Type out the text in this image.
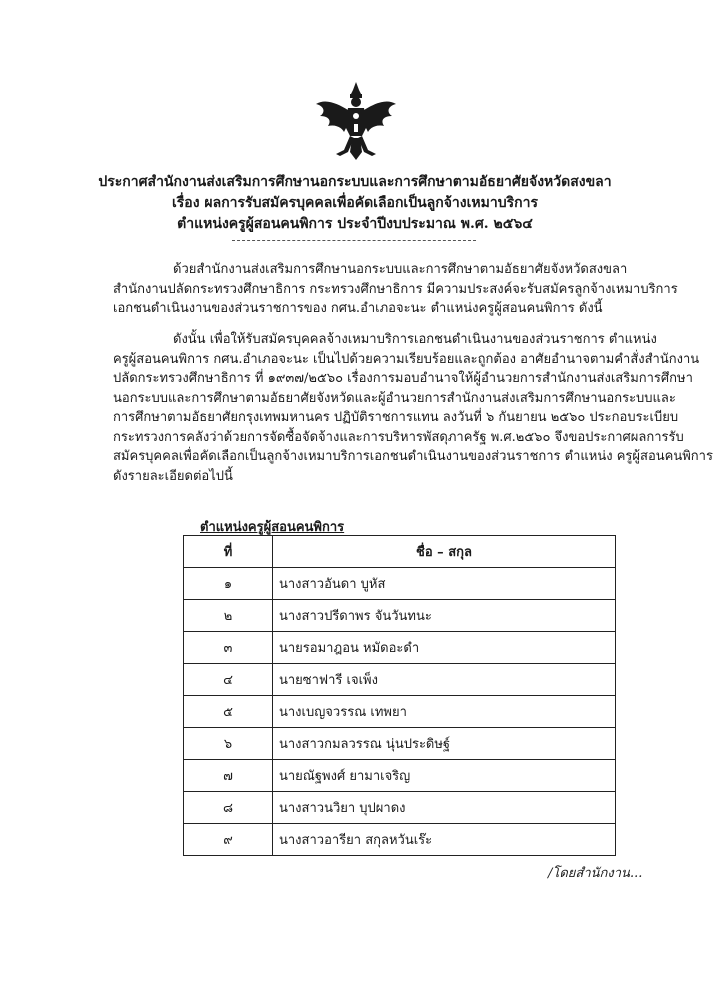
ประกาศสำนักงานส่งเสริมการศึกษานอกระบบและการศึกษาตามอัธยาศัยจังหวัดสงขลา
เรื่อง ผลการรับสมัครบุคคลเพื่อคัดเลือกเป็นลูกจ้างเหมาบริการ
ตำแหน่งครูผู้สอนคนพิการ ประจำปีงบประมาณ พ.ศ. ๒๕๖๔
ด้วยสำนักงานส่งเสริมการศึกษานอกระบบและการศึกษาตามอัธยาศัยจังหวัดสงขลา
สำนักงานปลัดกระทรวงศึกษาธิการ กระทรวงศึกษาธิการ มีความประสงค์จะรับสมัครลูกจ้างเหมาบริการ
เอกชนดำเนินงานของส่วนราชการของ กศน.อำเภอจะนะ ตำแหน่งครูผู้สอนคนพิการ ดังนี้
ดังนั้น เพื่อให้รับสมัครบุคคลจ้างเหมาบริการเอกชนดำเนินงานของส่วนราชการ ตำแหน่ง
ครูผู้สอนคนพิการ กศน.อำเภอจะนะ เป็นไปด้วยความเรียบร้อยและถูกต้อง อาศัยอำนาจตามคำสั่งสำนักงาน
ปลัดกระทรวงศึกษาธิการ ที่ ๑๙๓๗/๒๕๖๐ เรื่องการมอบอำนาจให้ผู้อำนวยการสำนักงานส่งเสริมการศึกษา
นอกระบบและการศึกษาตามอัธยาศัยจังหวัดและผู้อำนวยการสำนักงานส่งเสริมการศึกษานอกระบบและ
การศึกษาตามอัธยาศัยกรุงเทพมหานคร ปฏิบัติราชการแทน ลงวันที่ ๖ กันยายน ๒๕๖๐ ประกอบระเบียบ
กระทรวงการคลังว่าด้วยการจัดซื้อจัดจ้างและการบริหารพัสดุภาครัฐ พ.ศ.๒๕๖๐ จึงขอประกาศผลการรับ
สมัครบุคคลเพื่อคัดเลือกเป็นลูกจ้างเหมาบริการเอกชนดำเนินงานของส่วนราชการ ตำแหน่ง ครูผู้สอนคนพิการ
ดังรายละเอียดต่อไปนี้
ตำแหน่งครูผู้สอนคนพิการ
ที่	ชื่อ – สกุล
๑	นางสาวอันดา บูหัส
๒	นางสาวปรีดาพร จันวันทนะ
๓	นายรอมาฎอน หมัดอะดำ
๔	นายซาฟารี เจเพ็ง
๕	นางเบญจวรรณ เทพยา
๖	นางสาวกมลวรรณ นุ่นประดิษฐ์
๗	นายณัฐพงศ์ ยามาเจริญ
๘	นางสาวนวิยา บุปผาดง
๙	นางสาวอารียา สกุลหวันเร๊ะ
/โดยสำนักงาน...
